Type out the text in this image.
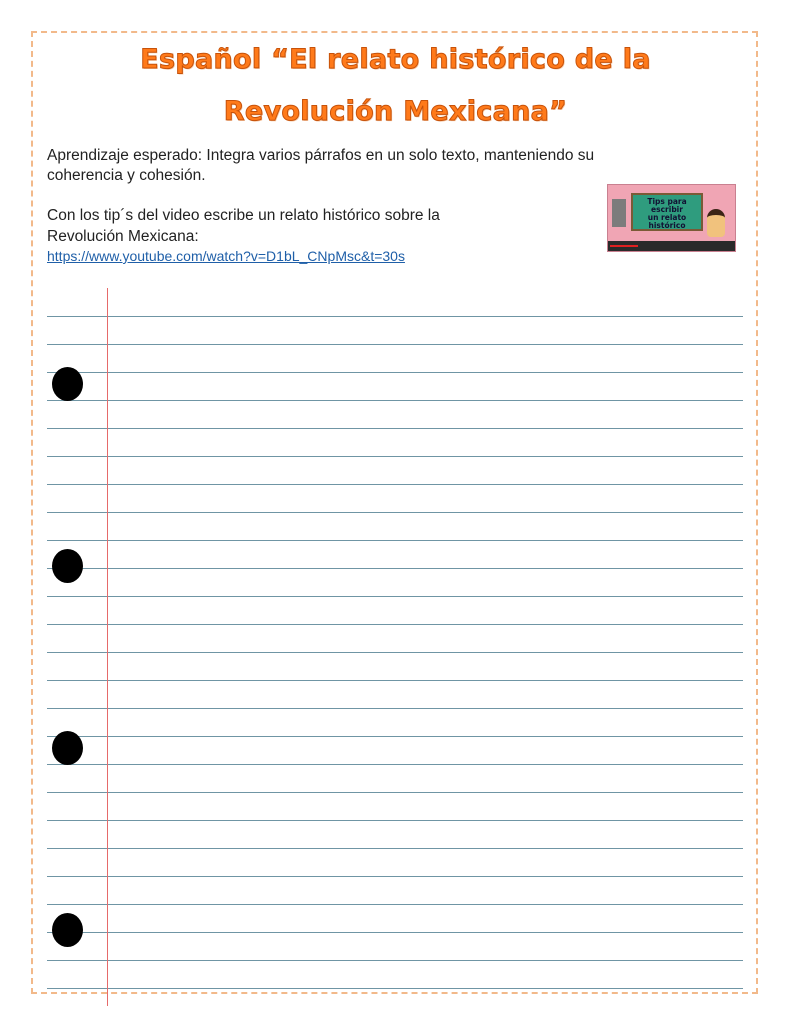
Español “El relato histórico de la
Revolución Mexicana”
Aprendizaje esperado: Integra varios párrafos en un solo texto, manteniendo su
coherencia y cohesión.
Con los tip´s del video escribe un relato histórico sobre la
Revolución Mexicana:
https://www.youtube.com/watch?v=D1bL_CNpMsc&t=30s
Tips para escribir
un relato
histórico
